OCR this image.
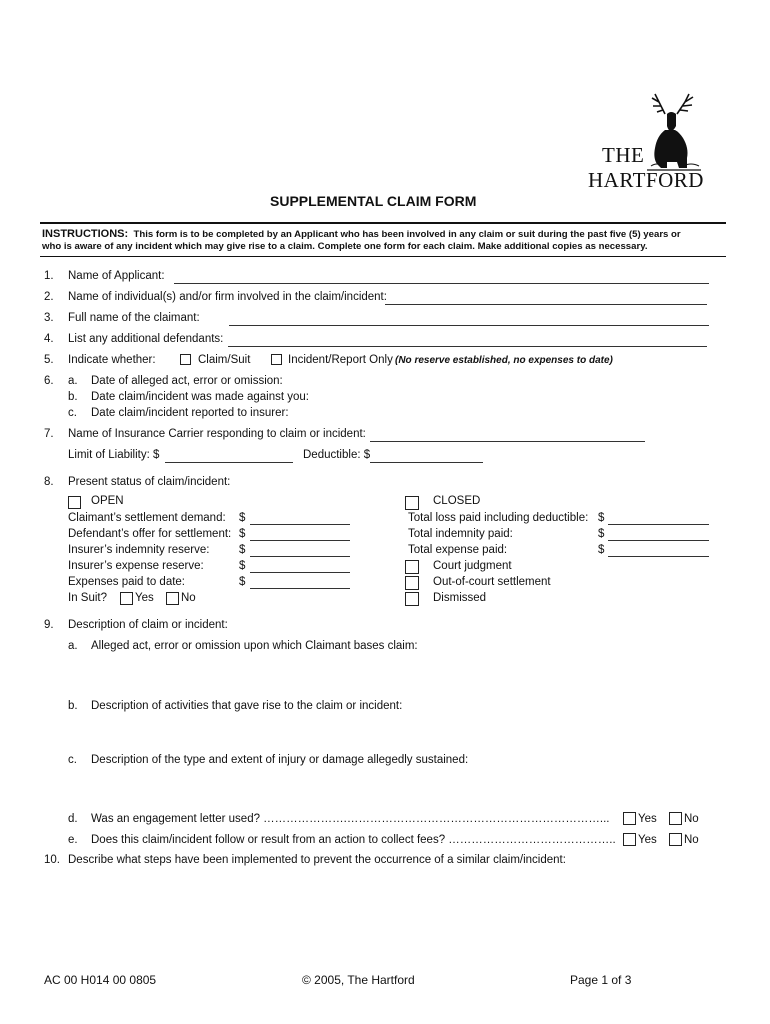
THE
HARTFORD
SUPPLEMENTAL CLAIM FORM
INSTRUCTIONS: This form is to be completed by an Applicant who has been involved in any claim or suit during the past five (5) years or
who is aware of any incident which may give rise to a claim. Complete one form for each claim. Make additional copies as necessary.
1. Name of Applicant:
2. Name of individual(s) and/or firm involved in the claim/incident:
3. Full name of the claimant:
4. List any additional defendants:
5. Indicate whether:	Claim/Suit	Incident/Report Only (No reserve established, no expenses to date)
6. a. Date of alleged act, error or omission:
b. Date claim/incident was made against you:
c. Date claim/incident reported to insurer:
7. Name of Insurance Carrier responding to claim or incident:
Limit of Liability: $	Deductible: $
8. Present status of claim/incident:
OPEN
Claimant’s settlement demand: $
Defendant’s offer for settlement: $
Insurer’s indemnity reserve:	$
Insurer’s expense reserve:	$
Expenses paid to date:	$
In Suit? Yes No
CLOSED
Total loss paid including deductible: $
Total indemnity paid:	$
Total expense paid:	$
Court judgment
Out-of-court settlement
Dismissed
9. Description of claim or incident:
a. Alleged act, error or omission upon which Claimant bases claim:
b. Description of activities that gave rise to the claim or incident:
c. Description of the type and extent of injury or damage allegedly sustained:
d. Was an engagement letter used? ………………….…………………………………………………………... Yes No
e. Does this claim/incident follow or result from an action to collect fees? …………………………………….. Yes No
10. Describe what steps have been implemented to prevent the occurrence of a similar claim/incident:
AC 00 H014 00 0805	© 2005, The Hartford	Page 1 of 3
